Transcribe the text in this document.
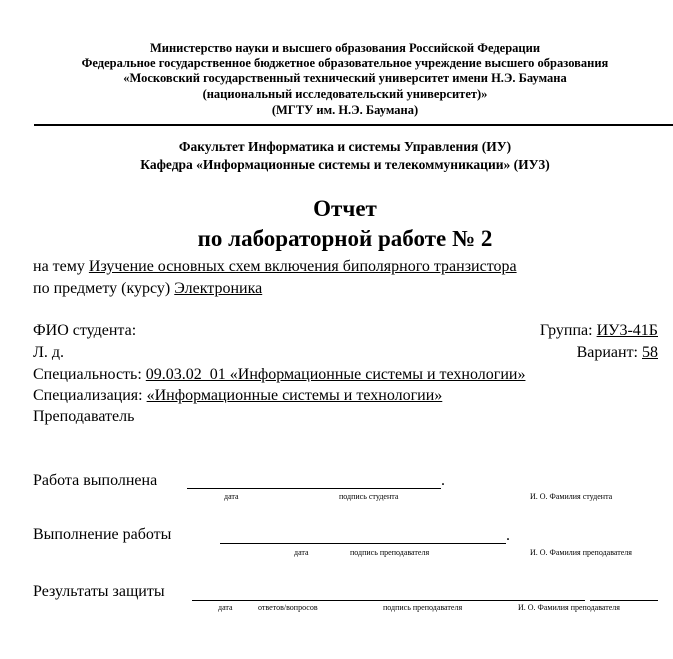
Министерство науки и высшего образования Российской Федерации
Федеральное государственное бюджетное образовательное учреждение высшего образования
«Московский государственный технический университет имени Н.Э. Баумана
(национальный исследовательский университет)»
(МГТУ им. Н.Э. Баумана)
Факультет Информатика и системы Управления (ИУ)
Кафедра «Информационные системы и телекоммуникации» (ИУ3)
Отчет
по лабораторной работе № 2
на тему Изучение основных схем включения биполярного транзистора
по предмету (курсу) Электроника
ФИО студента:	Группа: ИУ3-41Б
Л. д.	Вариант: 58
Специальность: 09.03.02_01 «Информационные системы и технологии»
Специализация: «Информационные системы и технологии»
Преподаватель
Работа выполнена	.
дата	подпись студента	И. О. Фамилия студента
Выполнение работы	.
дата	подпись преподавателя	И. О. Фамилия преподавателя
Результаты защиты
дата	ответов/вопросов	подпись преподавателя	И. О. Фамилия преподавателя
